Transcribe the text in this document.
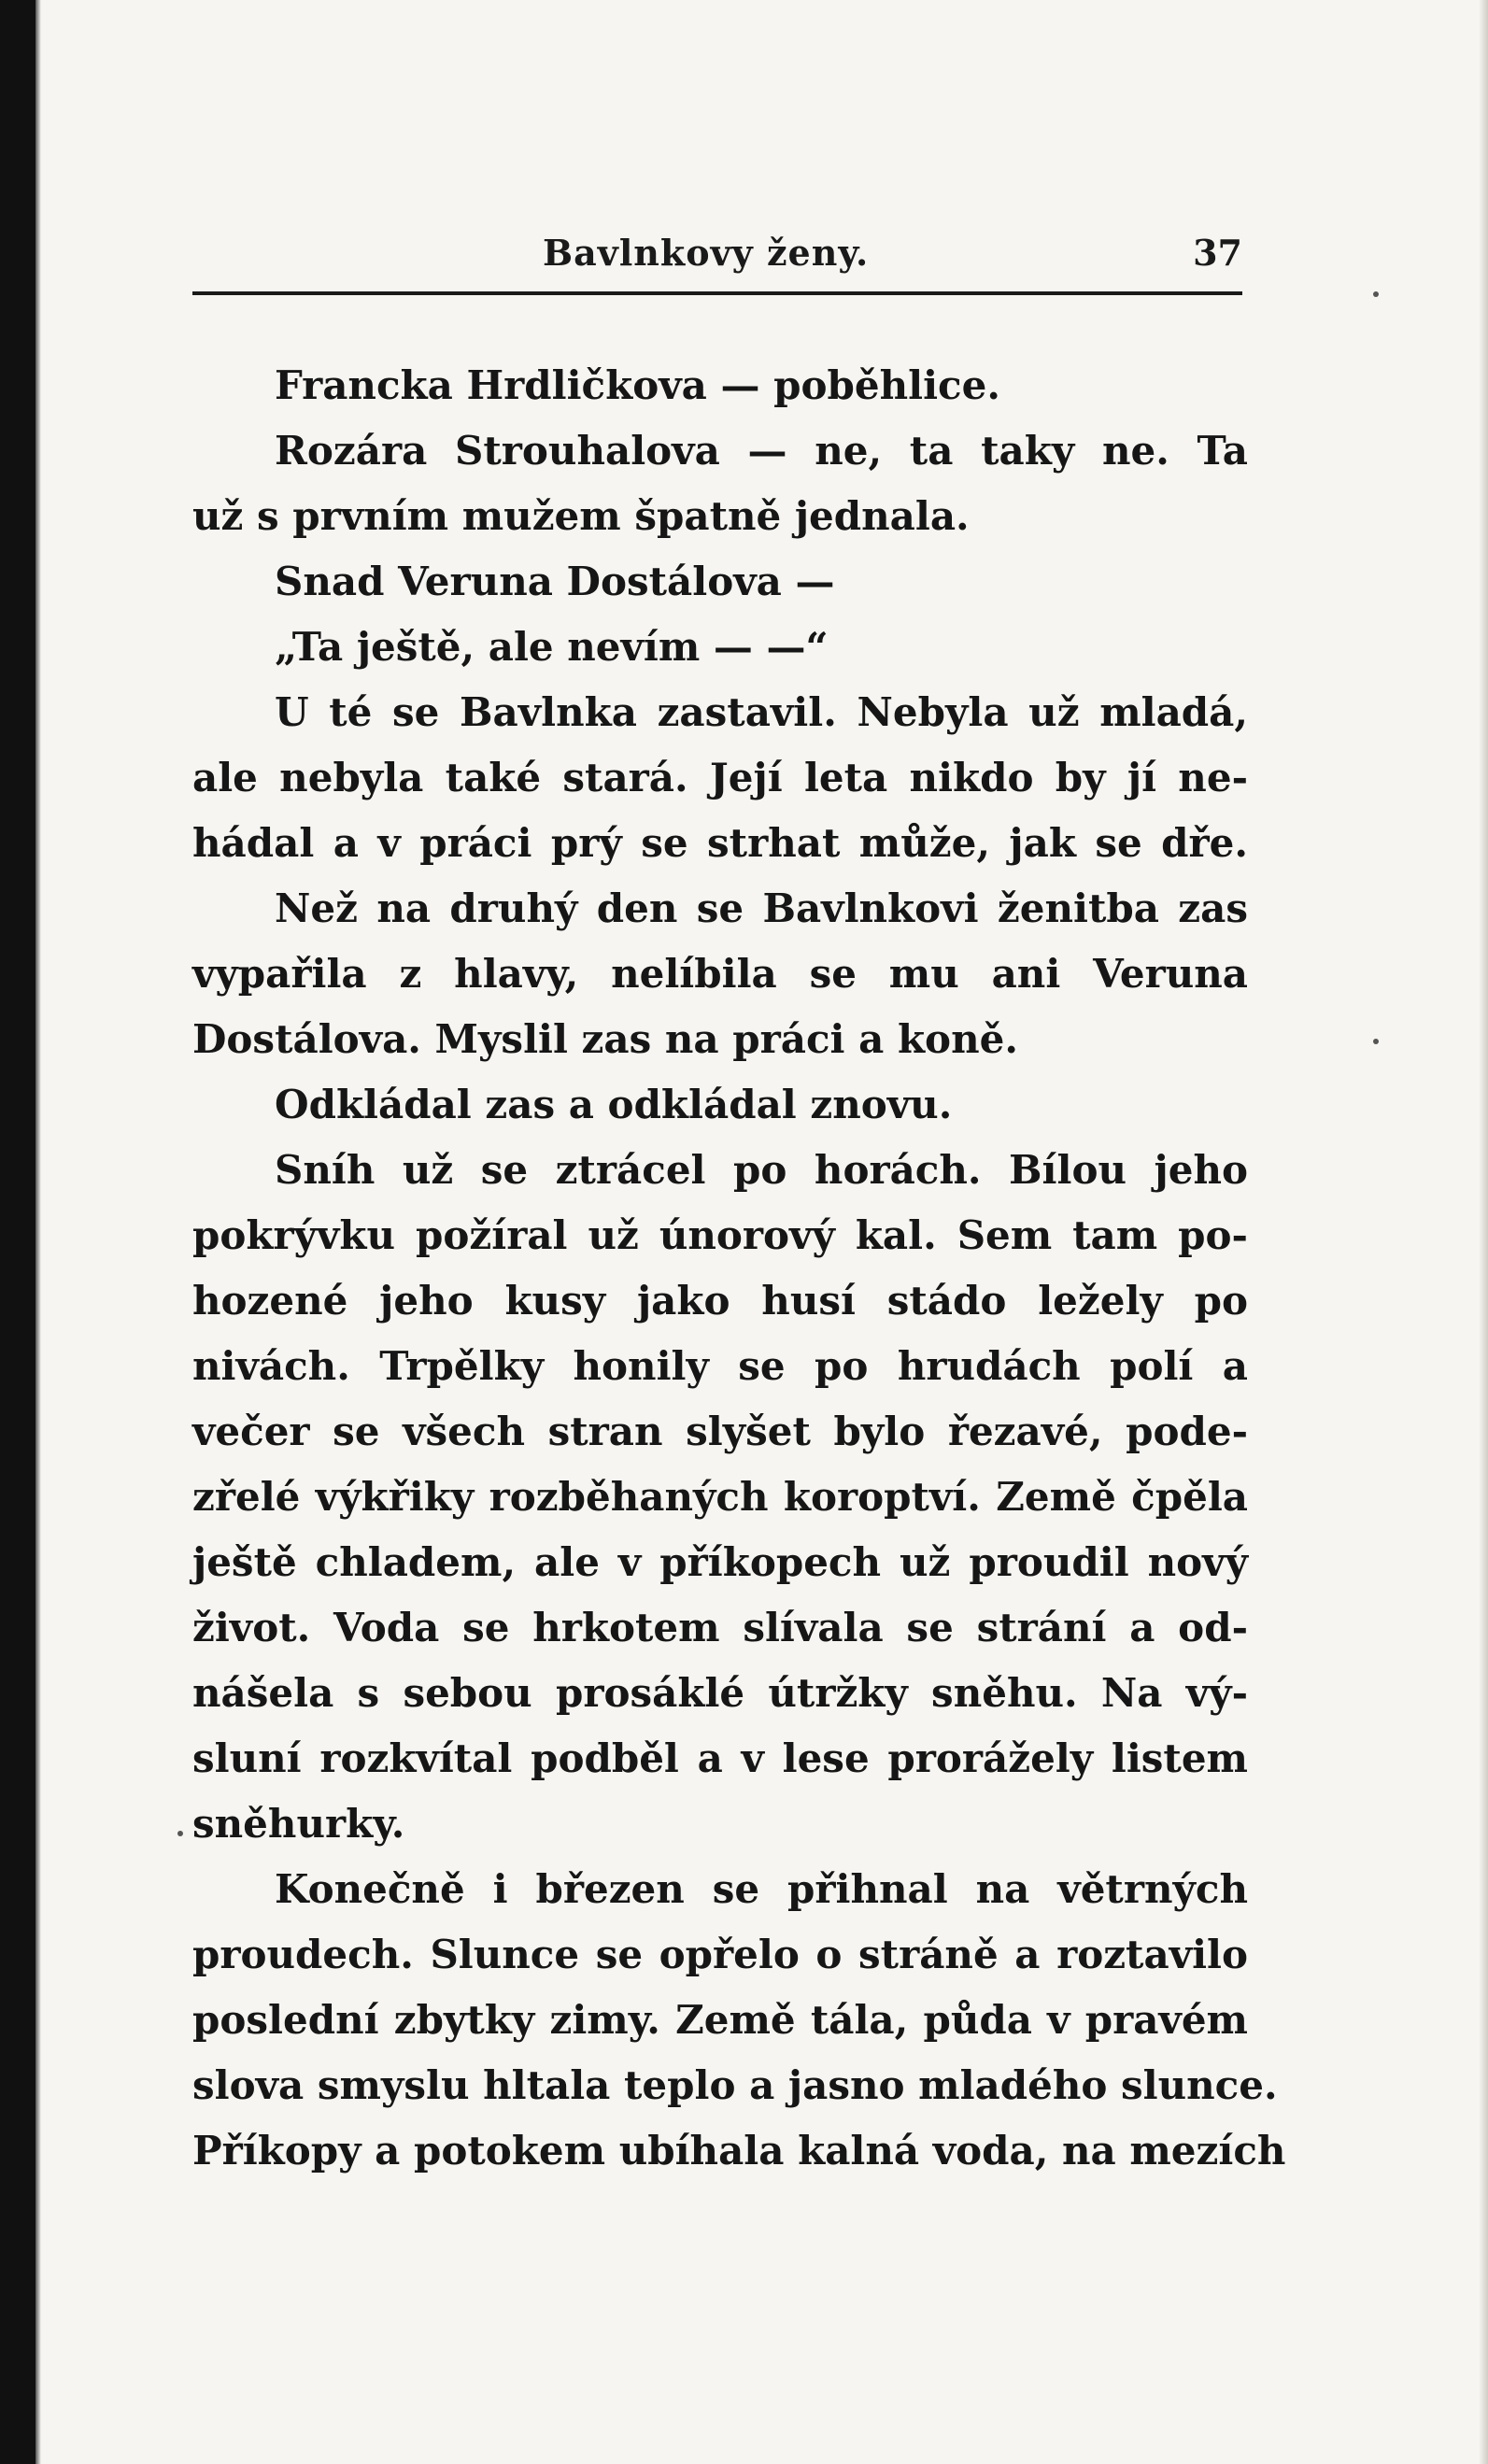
Bavlnkovy ženy.	37
Francka Hrdličkova — poběhlice.
Rozára Strouhalova — ne, ta taky ne. Ta
už s prvním mužem špatně jednala.
Snad Veruna Dostálova —
„Ta ještě, ale nevím — —“
U té se Bavlnka zastavil. Nebyla už mladá,
ale nebyla také stará. Její leta nikdo by jí ne-
hádal a v práci prý se strhat může, jak se dře.
Než na druhý den se Bavlnkovi ženitba zas
vypařila z hlavy, nelíbila se mu ani Veruna
Dostálova. Myslil zas na práci a koně.
Odkládal zas a odkládal znovu.
Sníh už se ztrácel po horách. Bílou jeho
pokrývku požíral už únorový kal. Sem tam po-
hozené jeho kusy jako husí stádo ležely po
nivách. Trpělky honily se po hrudách polí a
večer se všech stran slyšet bylo řezavé, pode-
zřelé výkřiky rozběhaných koroptví. Země čpěla
ještě chladem, ale v příkopech už proudil nový
život. Voda se hrkotem slívala se strání a od-
nášela s sebou prosáklé útržky sněhu. Na vý-
sluní rozkvítal podběl a v lese prorážely listem
sněhurky.
Konečně i březen se přihnal na větrných
proudech. Slunce se opřelo o stráně a roztavilo
poslední zbytky zimy. Země tála, půda v pravém
slova smyslu hltala teplo a jasno mladého slunce.
Příkopy a potokem ubíhala kalná voda, na mezích
